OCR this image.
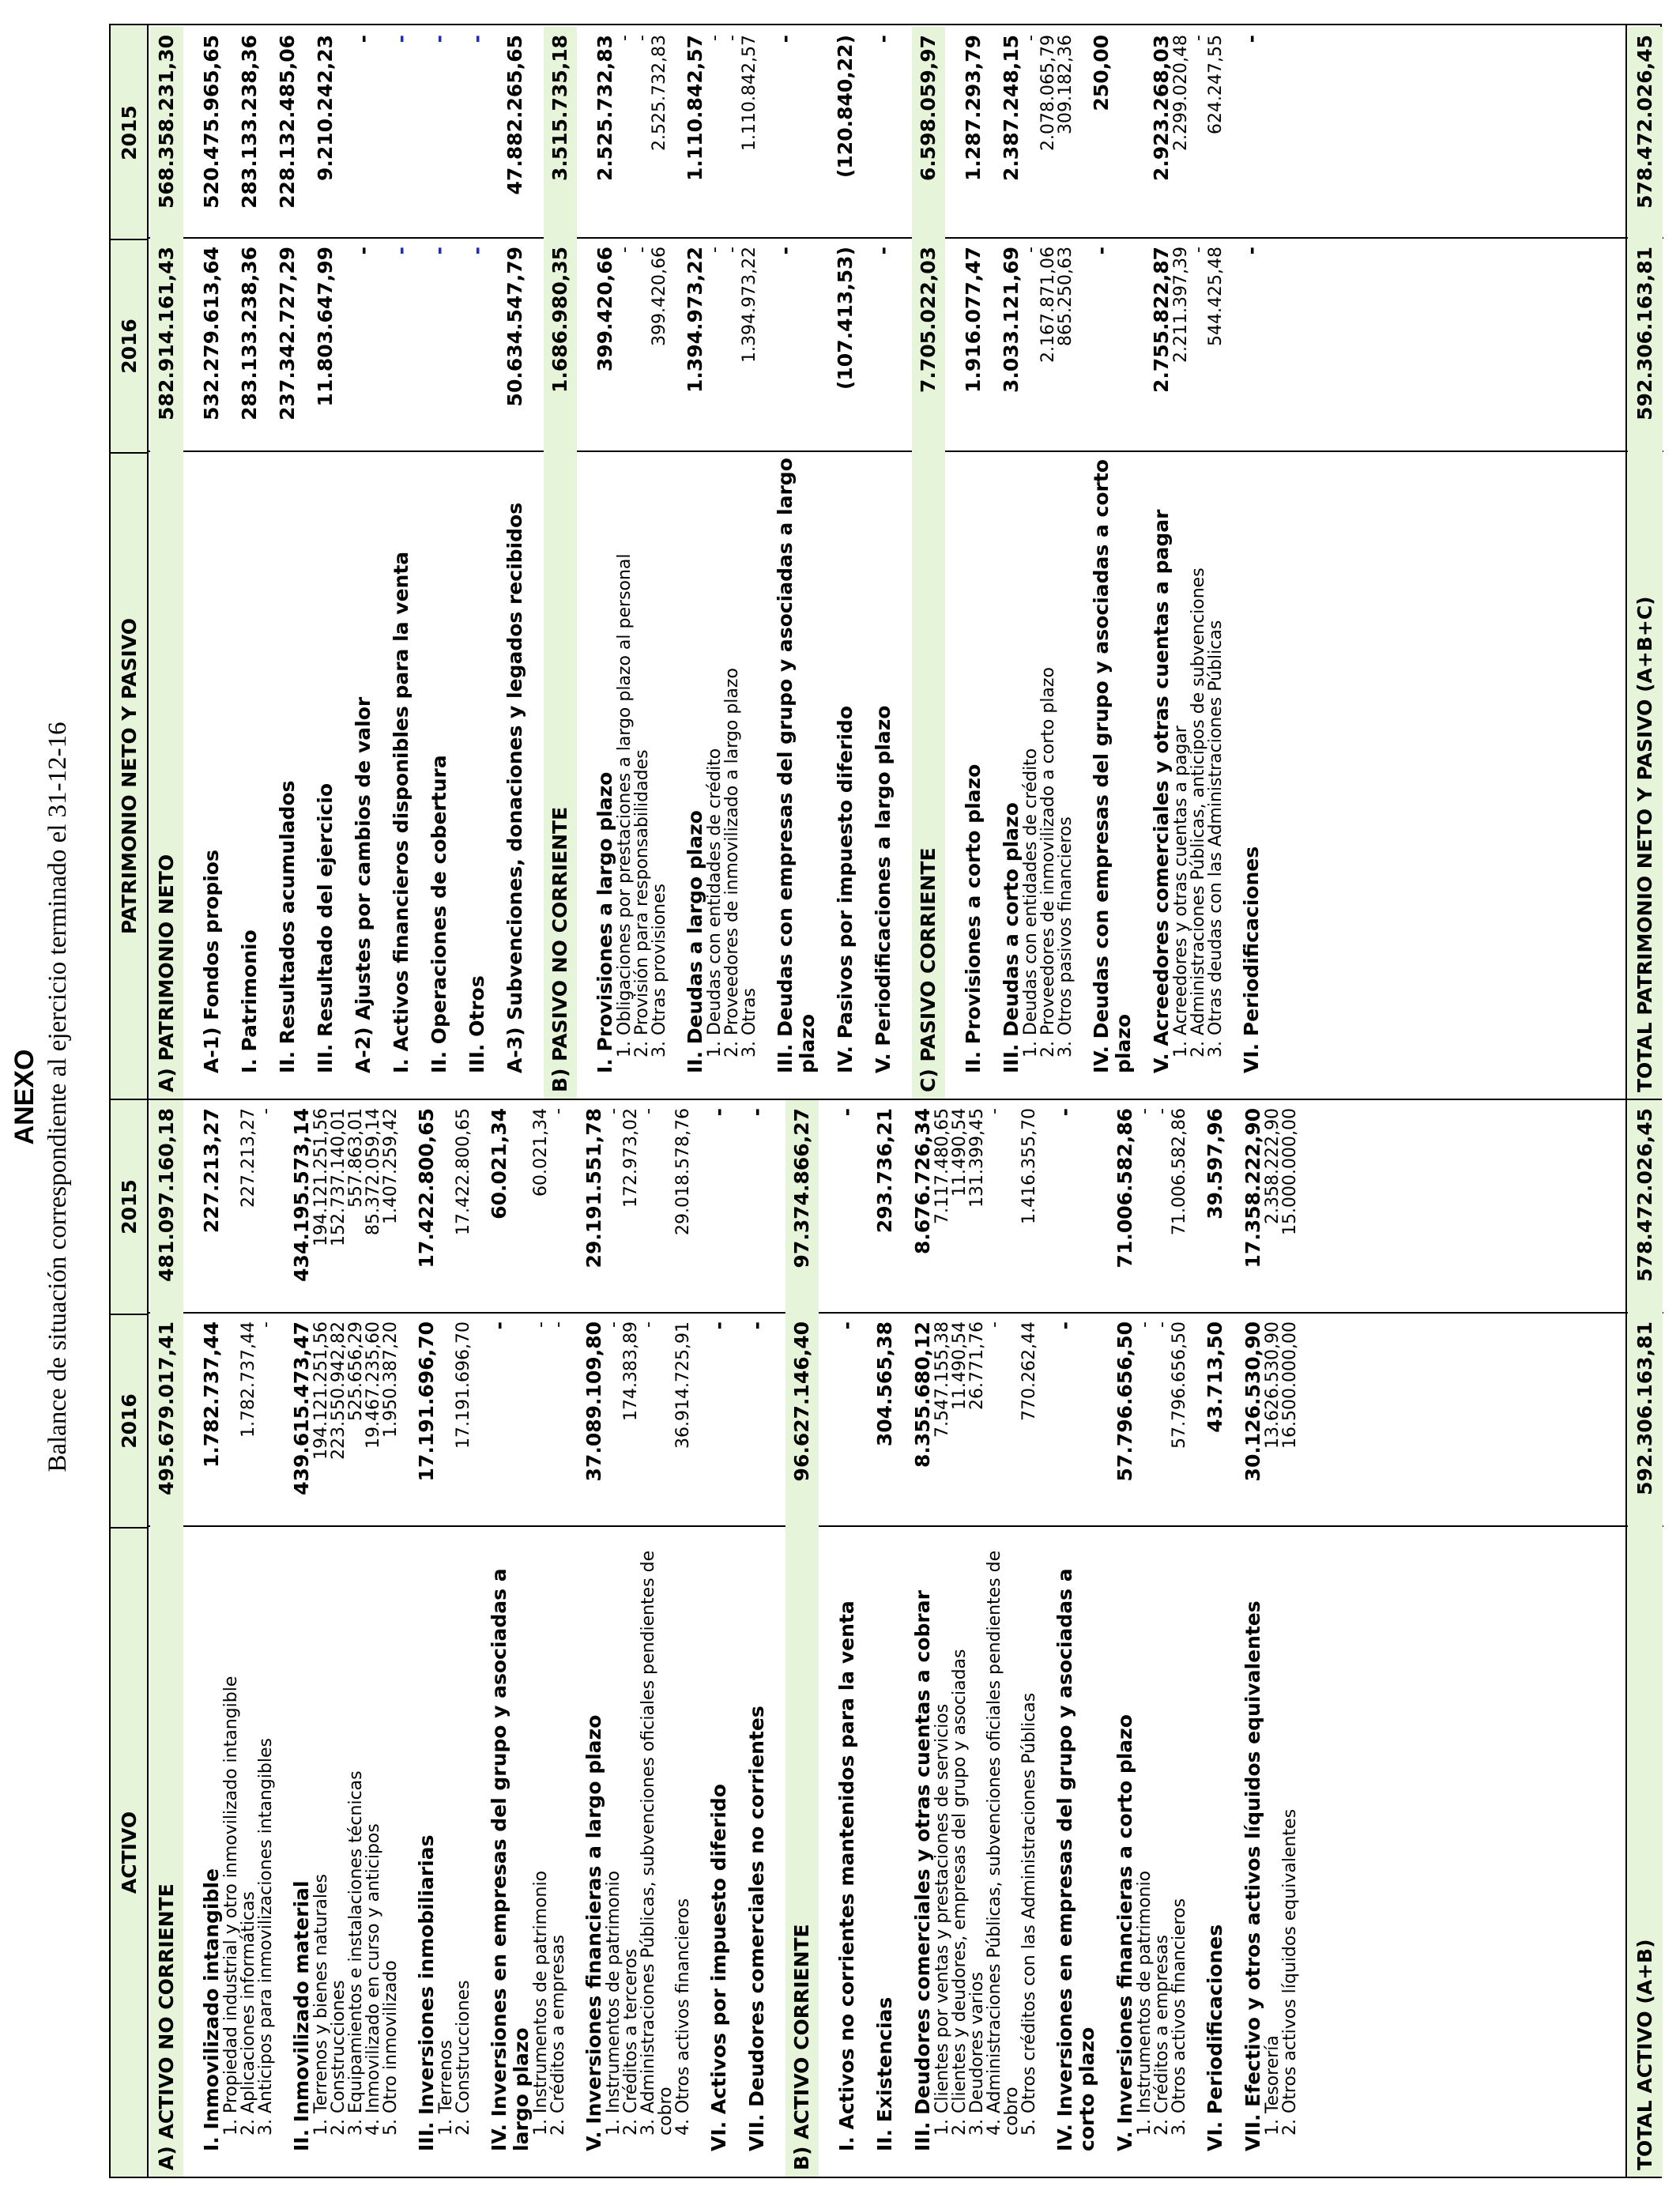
ANEXO Balance de situación correspondiente al ejercicio terminado el 31-12-16
ACTIVO
2016
2015
A) ACTIVO NO CORRIENTE
495.679.017,41
481.097.160,18
I. Inmovilizado intangible
1.782.737,44
227.213,27
1. Propiedad industrial y otro inmovilizado intangible
2. Aplicaciones informáticas
1.782.737,44
227.213,27
3. Anticipos para inmovilizaciones intangibles
-
-
II. Inmovilizado material
439.615.473,47
434.195.573,14
1. Terrenos y bienes naturales
194.121.251,56
194.121.251,56
2. Construcciones
223.550.942,82
152.737.140,01
3. Equipamientos e instalaciones técnicas
525.656,29
557.863,01
4. Inmovilizado en curso y anticipos
19.467.235,60
85.372.059,14
5. Otro inmovilizado
1.950.387,20
1.407.259,42
III. Inversiones inmobiliarias
17.191.696,70
17.422.800,65
1. Terrenos
2. Construcciones
17.191.696,70
17.422.800,65
IV. Inversiones en empresas del grupo y asociadas a largo plazo
-
60.021,34
1. Instrumentos de patrimonio
-
60.021,34
2. Créditos a empresas
-
-
V. Inversiones financieras a largo plazo
37.089.109,80
29.191.551,78
1. Instrumentos de patrimonio
-
-
2. Créditos a terceros
174.383,89
172.973,02
3. Administraciones Públicas, subvenciones oficiales pendientes de cobro
-
-
4. Otros activos financieros
36.914.725,91
29.018.578,76
VI. Activos por impuesto diferido
-
-
VII. Deudores comerciales no corrientes
-
-
B) ACTIVO CORRIENTE
96.627.146,40
97.374.866,27
I. Activos no corrientes mantenidos para la venta
-
-
II. Existencias
304.565,38
293.736,21
III. Deudores comerciales y otras cuentas a cobrar
8.355.680,12
8.676.726,34
1. Clientes por ventas y prestaciones de servicios
7.547.155,38
7.117.480,65
2. Clientes y deudores, empresas del grupo y asociadas
11.490,54
11.490,54
3. Deudores varios
26.771,76
131.399,45
4. Administraciones Públicas, subvenciones oficiales pendientes de cobro
-
-
5. Otros créditos con las Administraciones Públicas
770.262,44
1.416.355,70
IV. Inversiones en empresas del grupo y asociadas a corto plazo
-
-
V. Inversiones financieras a corto plazo
57.796.656,50
71.006.582,86
1. Instrumentos de patrimonio
-
-
2. Créditos a empresas
-
-
3. Otros activos financieros
57.796.656,50
71.006.582,86
VI. Periodificaciones
43.713,50
39.597,96
VII. Efectivo y otros activos líquidos equivalentes
30.126.530,90
17.358.222,90
1. Tesorería
13.626.530,90
2.358.222,90
2. Otros activos líquidos equivalentes
16.500.000,00
15.000.000,00
TOTAL ACTIVO (A+B)
592.306.163,81
578.472.026,45
PATRIMONIO NETO Y PASIVO
2016
2015
A) PATRIMONIO NETO
582.914.161,43
568.358.231,30
A-1) Fondos propios
532.279.613,64
520.475.965,65
I. Patrimonio
283.133.238,36
283.133.238,36
II. Resultados acumulados
237.342.727,29
228.132.485,06
III. Resultado del ejercicio
11.803.647,99
9.210.242,23
A-2) Ajustes por cambios de valor
-
-
I. Activos financieros disponibles para la venta
-
-
II. Operaciones de cobertura
-
-
III. Otros
-
-
A-3) Subvenciones, donaciones y legados recibidos
50.634.547,79
47.882.265,65
B) PASIVO NO CORRIENTE
1.686.980,35
3.515.735,18
I. Provisiones a largo plazo
399.420,66
2.525.732,83
1. Obligaciones por prestaciones a largo plazo al personal
-
-
2. Provisión para responsabilidades
-
-
3. Otras provisiones
399.420,66
2.525.732,83
II. Deudas a largo plazo
1.394.973,22
1.110.842,57
1. Deudas con entidades de crédito
-
-
2. Proveedores de inmovilizado a largo plazo
-
-
3. Otras
1.394.973,22
1.110.842,57
III. Deudas con empresas del grupo y asociadas a largo plazo
-
-
IV. Pasivos por impuesto diferido
(107.413,53)
(120.840,22)
V. Periodificaciones a largo plazo
-
-
C) PASIVO CORRIENTE
7.705.022,03
6.598.059,97
II. Provisiones a corto plazo
1.916.077,47
1.287.293,79
III. Deudas a corto plazo
3.033.121,69
2.387.248,15
1. Deudas con entidades de crédito
-
-
2. Proveedores de inmovilizado a corto plazo
2.167.871,06
2.078.065,79
3. Otros pasivos financieros
865.250,63
309.182,36
IV. Deudas con empresas del grupo y asociadas a corto plazo
-
250,00
V. Acreedores comerciales y otras cuentas a pagar
2.755.822,87
2.923.268,03
1. Acreedores y otras cuentas a pagar
2.211.397,39
2.299.020,48
2. Administraciones Públicas, anticipos de subvenciones
-
-
3. Otras deudas con las Administraciones Públicas
544.425,48
624.247,55
VI. Periodificaciones
-
-
TOTAL PATRIMONIO NETO Y PASIVO (A+B+C)
592.306.163,81
578.472.026,45
